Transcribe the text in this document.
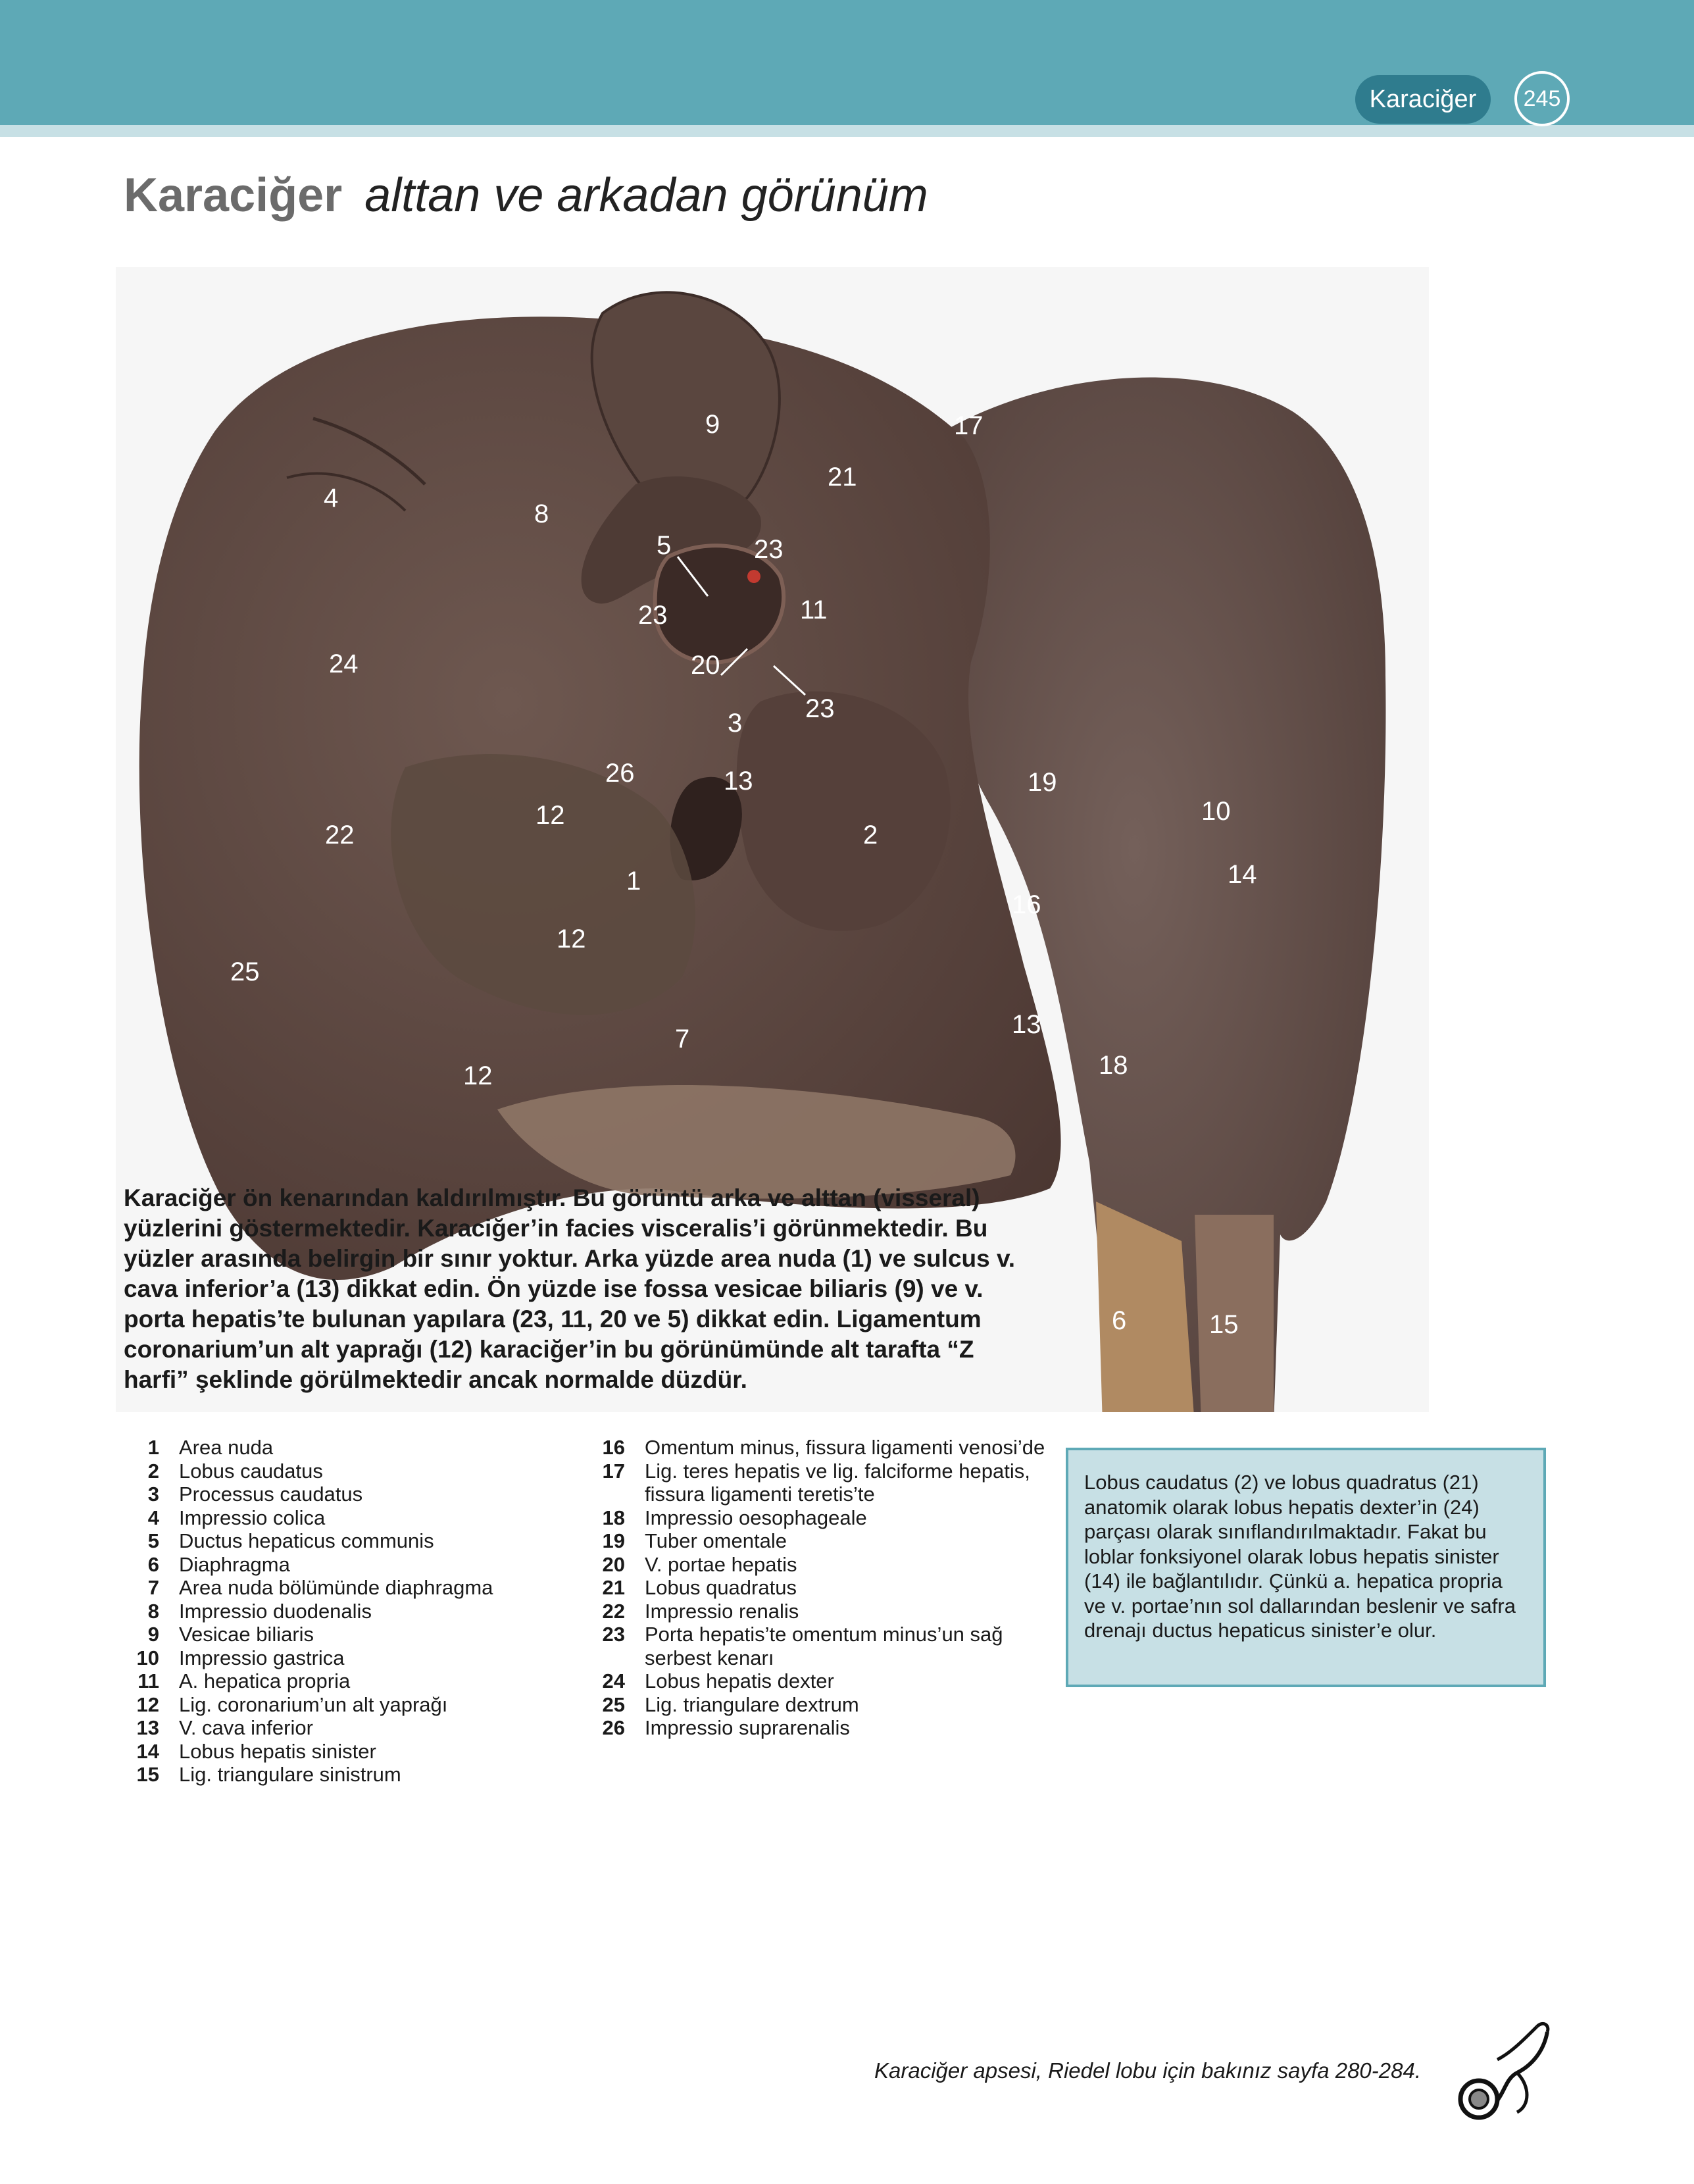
Karaciğer	245
Karaciğer alttan ve arkadan görünüm
4
8
9
21
17
5	23
23	11
20
23
24
3
26	13
12
22	2
19
10
14
1
16
12
25
13
7
18
12
6	15
Karaciğer ön kenarından kaldırılmıştır. Bu görüntü arka ve alttan (visseral) yüzlerini göstermektedir. Karaciğer’in facies visceralis’i görünmektedir. Bu yüzler arasında belirgin bir sınır yoktur. Arka yüzde area nuda (1) ve sulcus v. cava inferior’a (13) dikkat edin. Ön yüzde ise fossa vesicae biliaris (9) ve v. porta hepatis’te bulunan yapılara (23, 11, 20 ve 5) dikkat edin. Ligamentum coronarium’un alt yaprağı (12) karaciğer’in bu görünümünde alt tarafta “Z harfi” şeklinde görülmektedir ancak normalde düzdür.
1 Area nuda
2 Lobus caudatus
3 Processus caudatus
4 Impressio colica
5 Ductus hepaticus communis
6 Diaphragma
7 Area nuda bölümünde diaphragma
8 Impressio duodenalis
9 Vesicae biliaris
10 Impressio gastrica
11 A. hepatica propria
12 Lig. coronarium’un alt yaprağı
13 V. cava inferior
14 Lobus hepatis sinister
15 Lig. triangulare sinistrum
16 Omentum minus, fissura ligamenti venosi’de
17 Lig. teres hepatis ve lig. falciforme hepatis, fissura ligamenti teretis’te
18 Impressio oesophageale
19 Tuber omentale
20 V. portae hepatis
21 Lobus quadratus
22 Impressio renalis
23 Porta hepatis’te omentum minus’un sağ serbest kenarı
24 Lobus hepatis dexter
25 Lig. triangulare dextrum
26 Impressio suprarenalis
Lobus caudatus (2) ve lobus quadratus (21) anatomik olarak lobus hepatis dexter’in (24) parçası olarak sınıflandırılmaktadır. Fakat bu loblar fonksiyonel olarak lobus hepatis sinister (14) ile bağlantılıdır. Çünkü a. hepatica propria ve v. portae’nın sol dallarından beslenir ve safra drenajı ductus hepaticus sinister’e olur.
Karaciğer apsesi, Riedel lobu için bakınız sayfa 280-284.
